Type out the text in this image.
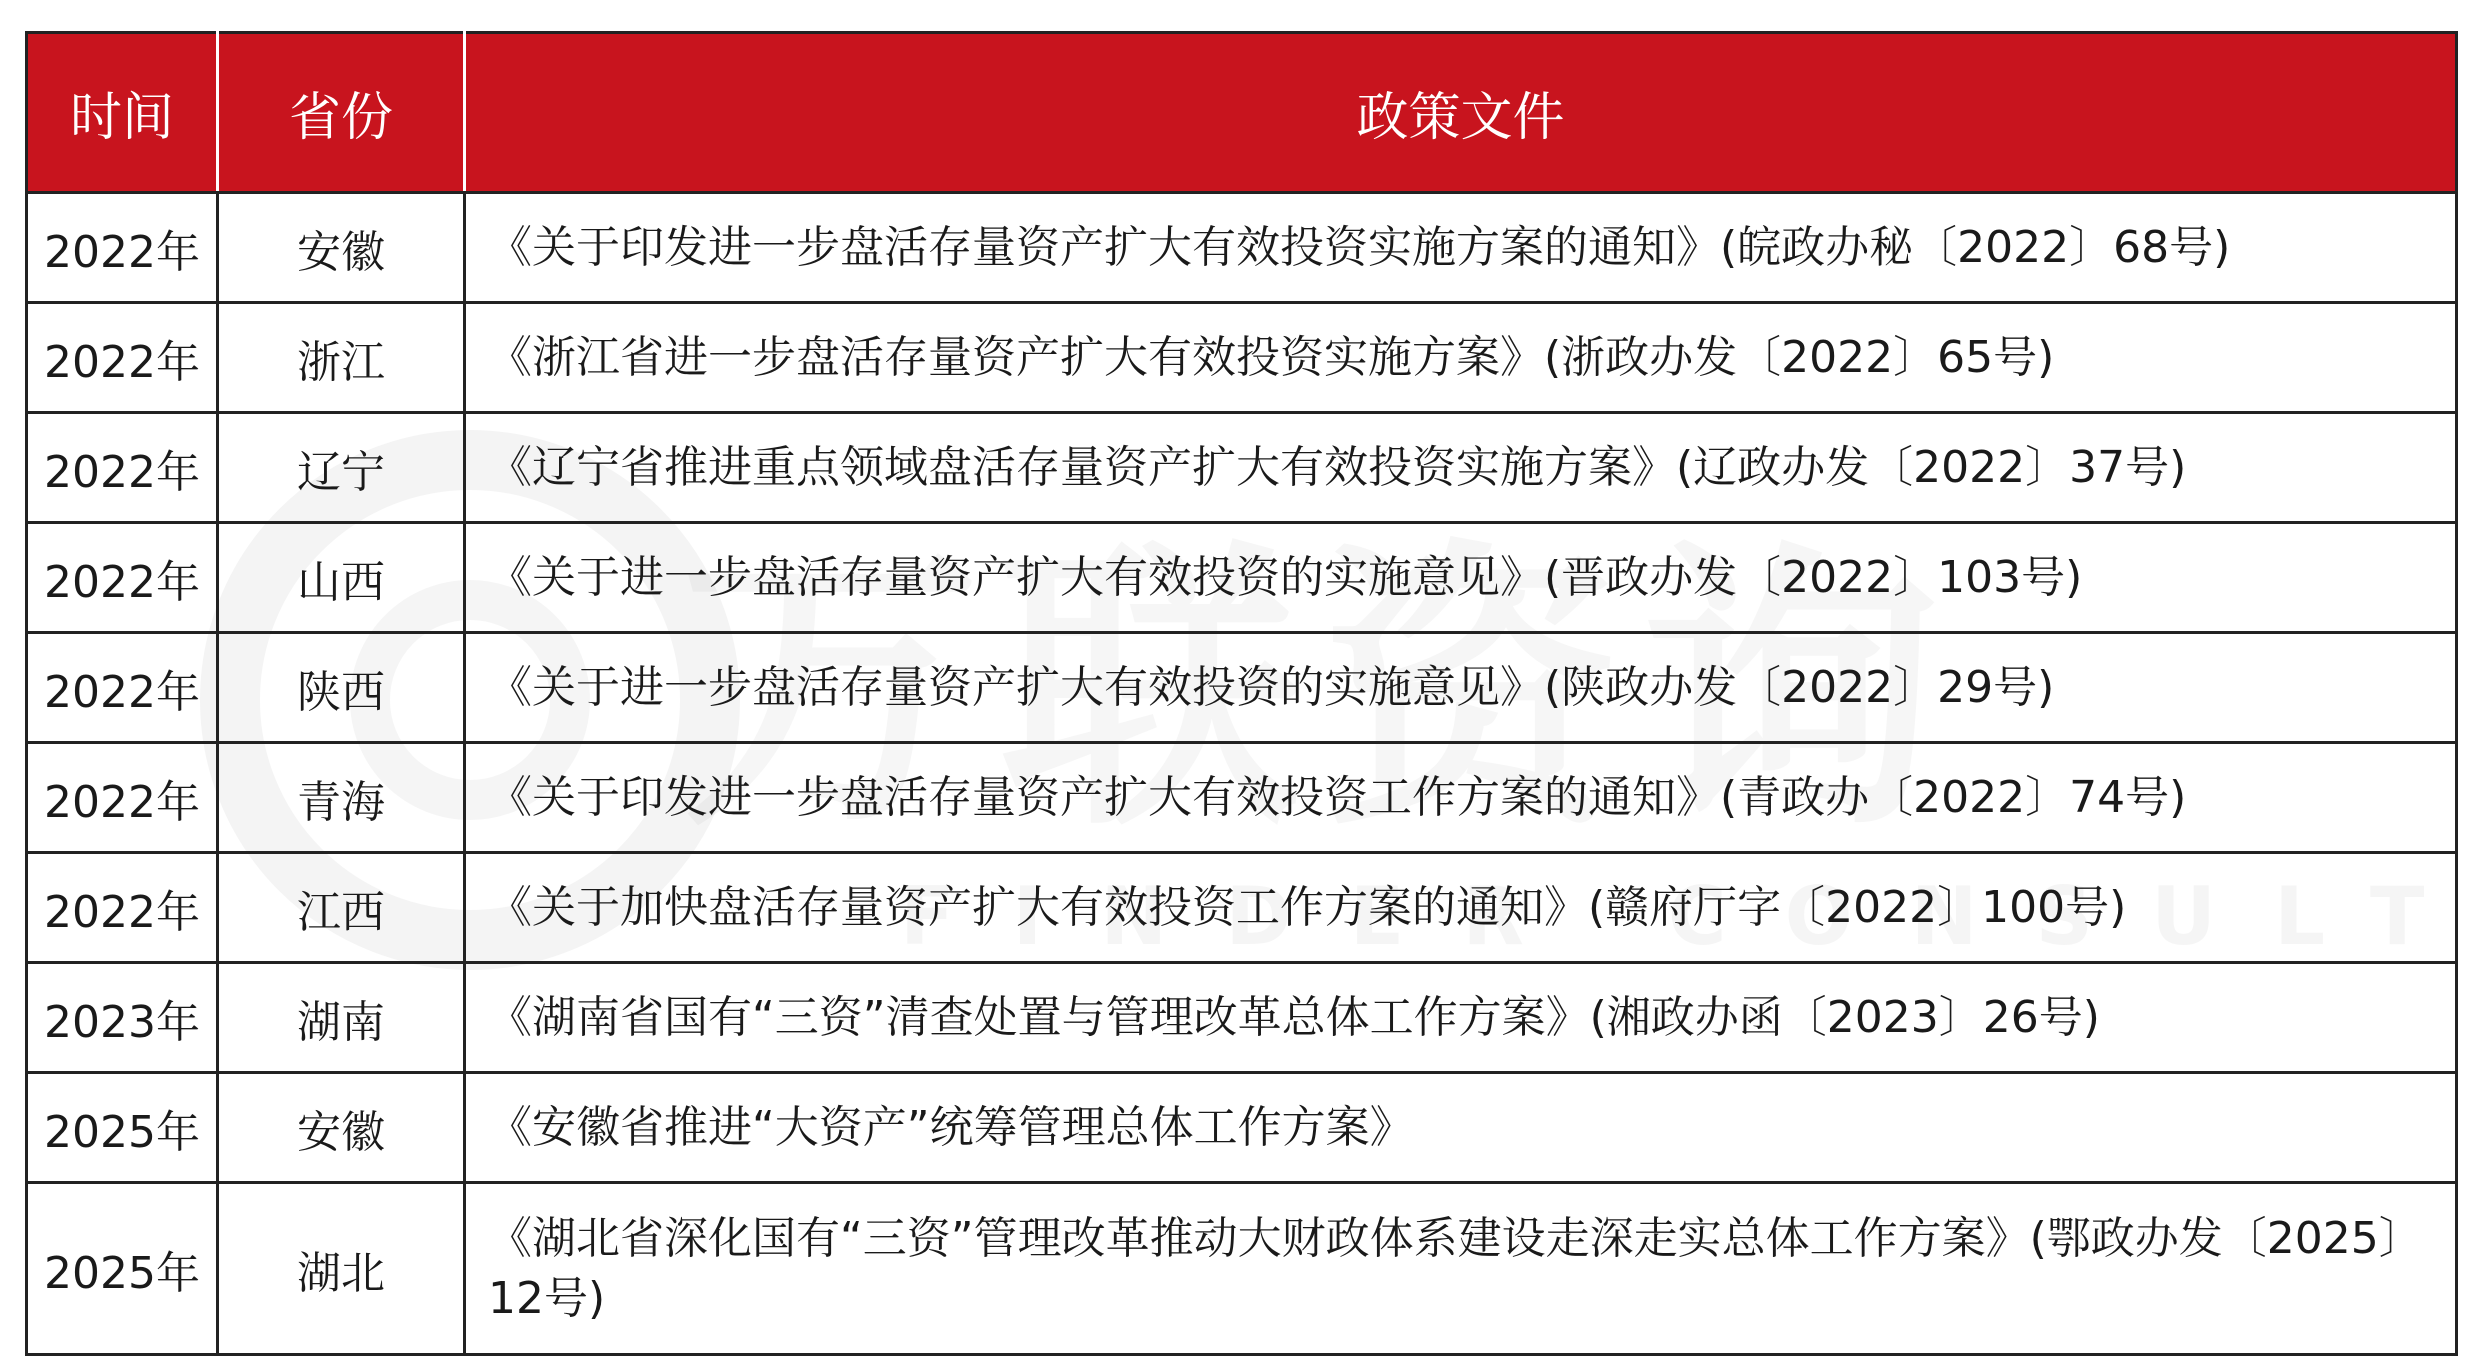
时间	省份	政策文件
2022年	安徽	《关于印发进一步盘活存量资产扩大有效投资实施方案的通知》(皖政办秘〔2022〕68号)
2022年	浙江	《浙江省进一步盘活存量资产扩大有效投资实施方案》(浙政办发〔2022〕65号)
2022年	辽宁	《辽宁省推进重点领域盘活存量资产扩大有效投资实施方案》(辽政办发〔2022〕37号)
2022年	山西	《关于进一步盘活存量资产扩大有效投资的实施意见》(晋政办发〔2022〕103号)
2022年	陕西	《关于进一步盘活存量资产扩大有效投资的实施意见》(陕政办发〔2022〕29号)
2022年	青海	《关于印发进一步盘活存量资产扩大有效投资工作方案的通知》(青政办〔2022〕74号)
2022年	江西	《关于加快盘活存量资产扩大有效投资工作方案的通知》(赣府厅字〔2022〕100号)
2023年	湖南	《湖南省国有“三资”清查处置与管理改革总体工作方案》(湘政办函〔2023〕26号)
2025年	安徽	《安徽省推进“大资产”统筹管理总体工作方案》
2025年	湖北	《湖北省深化国有“三资”管理改革推动大财政体系建设走深走实总体工作方案》(鄂政办发〔2025〕12号)
